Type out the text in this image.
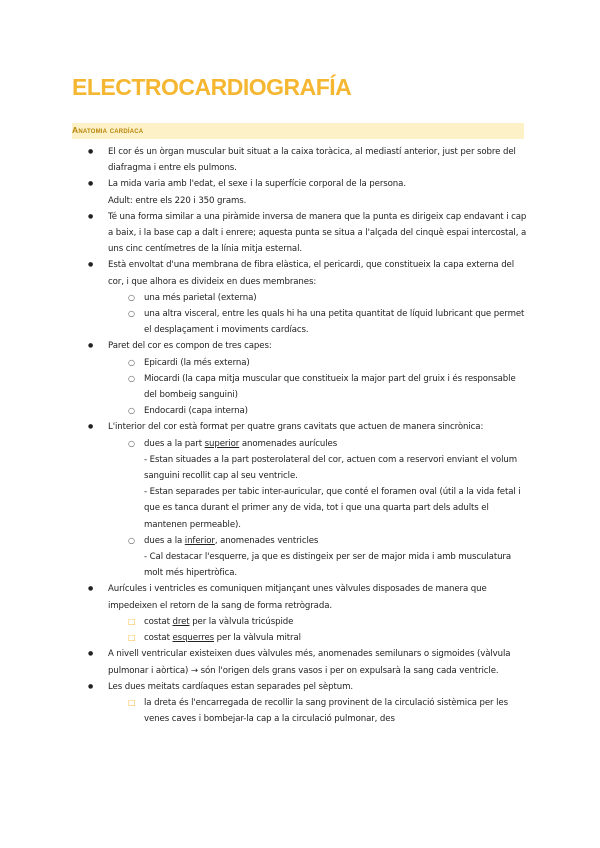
ELECTROCARDIOGRAFÍA
Anatomia cardíaca
● El cor és un òrgan muscular buit situat a la caixa toràcica, al mediastí anterior, just per sobre del diafragma i entre els pulmons.
● La mida varia amb l'edat, el sexe i la superfície corporal de la persona.
Adult: entre els 220 i 350 grams.
● Té una forma similar a una piràmide inversa de manera que la punta es dirigeix cap endavant i cap a baix, i la base cap a dalt i enrere; aquesta punta se situa a l'alçada del cinquè espai intercostal, a uns cinc centímetres de la línia mitja esternal.
● Està envoltat d'una membrana de fibra elàstica, el pericardi, que constitueix la capa externa del cor, i que alhora es divideix en dues membranes:
○ una més parietal (externa)
○ una altra visceral, entre les quals hi ha una petita quantitat de líquid lubricant que permet el desplaçament i moviments cardíacs.
● Paret del cor es compon de tres capes:
○ Epicardi (la més externa)
○ Miocardi (la capa mitja muscular que constitueix la major part del gruix i és responsable del bombeig sanguini)
○ Endocardi (capa interna)
● L'interior del cor està format per quatre grans cavitats que actuen de manera sincrònica:
○ dues a la part superior anomenades aurícules
- Estan situades a la part posterolateral del cor, actuen com a reservori enviant el volum sanguini recollit cap al seu ventricle.
- Estan separades per tabic inter-auricular, que conté el foramen oval (útil a la vida fetal i que es tanca durant el primer any de vida, tot i que una quarta part dels adults el mantenen permeable).
○ dues a la inferior, anomenades ventricles
- Cal destacar l'esquerre, ja que es distingeix per ser de major mida i amb musculatura molt més hipertròfica.
● Aurícules i ventricles es comuniquen mitjançant unes vàlvules disposades de manera que impedeixen el retorn de la sang de forma retrògrada.
□ costat dret per la vàlvula tricúspide
□ costat esquerres per la vàlvula mitral
● A nivell ventricular existeixen dues vàlvules més, anomenades semilunars o sigmoides (vàlvula pulmonar i aòrtica) → són l'origen dels grans vasos i per on expulsarà la sang cada ventricle.
● Les dues meitats cardíaques estan separades pel sèptum.
□ la dreta és l'encarregada de recollir la sang provinent de la circulació sistèmica per les venes caves i bombejar-la cap a la circulació pulmonar, des
